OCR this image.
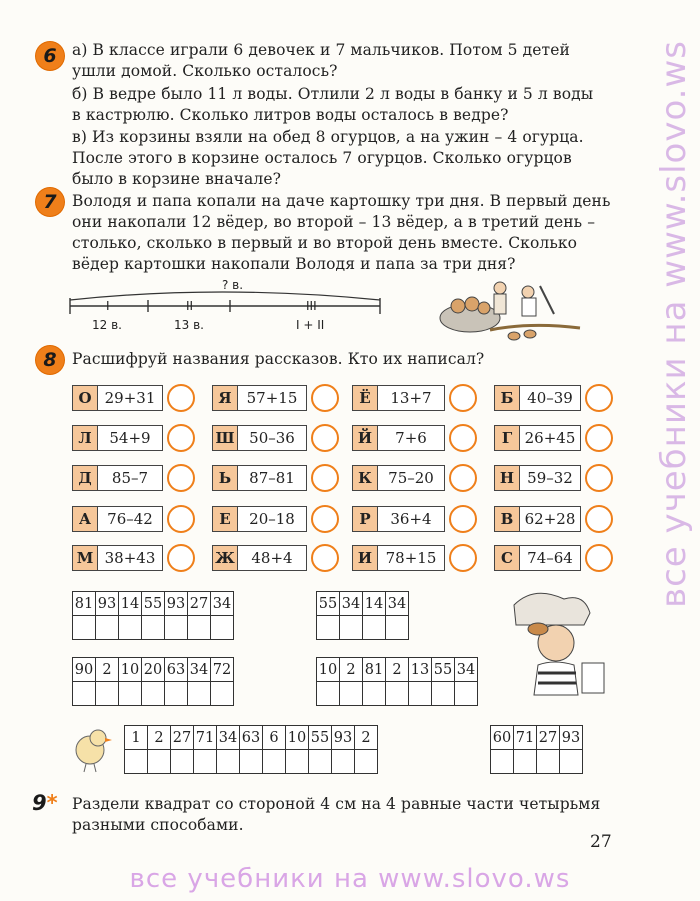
6 а) В классе играли 6 девочек и 7 мальчиков. Потом 5 детей
ушли домой. Сколько осталось?
б) В ведре было 11 л воды. Отлили 2 л воды в банку и 5 л воды
в кастрюлю. Сколько литров воды осталось в ведре?
в) Из корзины взяли на обед 8 огурцов, а на ужин – 4 огурца.
После этого в корзине осталось 7 огурцов. Сколько огурцов
было в корзине вначале?
7 Володя и папа копали на даче картошку три дня. В первый день
они накопали 12 вёдер, во второй – 13 вёдер, а в третий день –
столько, сколько в первый и во второй день вместе. Сколько
вёдер картошки накопали Володя и папа за три дня?
? в.
I	II	III
12 в.	13 в.	I + II
8 Расшифруй названия рассказов. Кто их написал?
О 29+31	Я	57+15	Ё	13+7	Б 40–39
Л	54+9	Ш 50–36	Й	7+6	Г 26+45
Д	85–7	Ь	87–81	К	75–20	Н 59–32
А	76–42	Е	20–18	Р	36+4	В 62+28
М 38+43	Ж	48+4	И 78+15	С 74–64
81	93	14	55	93	27	34
							55	34	14	34

90	2	10	20	63	34	72
							10	2	81	2	13	55	34

1	2	27	71	34	63	6	10	55	93	2
											60	71	27	93

9* Раздели квадрат со стороной 4 см на 4 равные части четырьмя
разными способами.
27
все учебники на www.slovo.ws
все учебники на www.slovo.ws
